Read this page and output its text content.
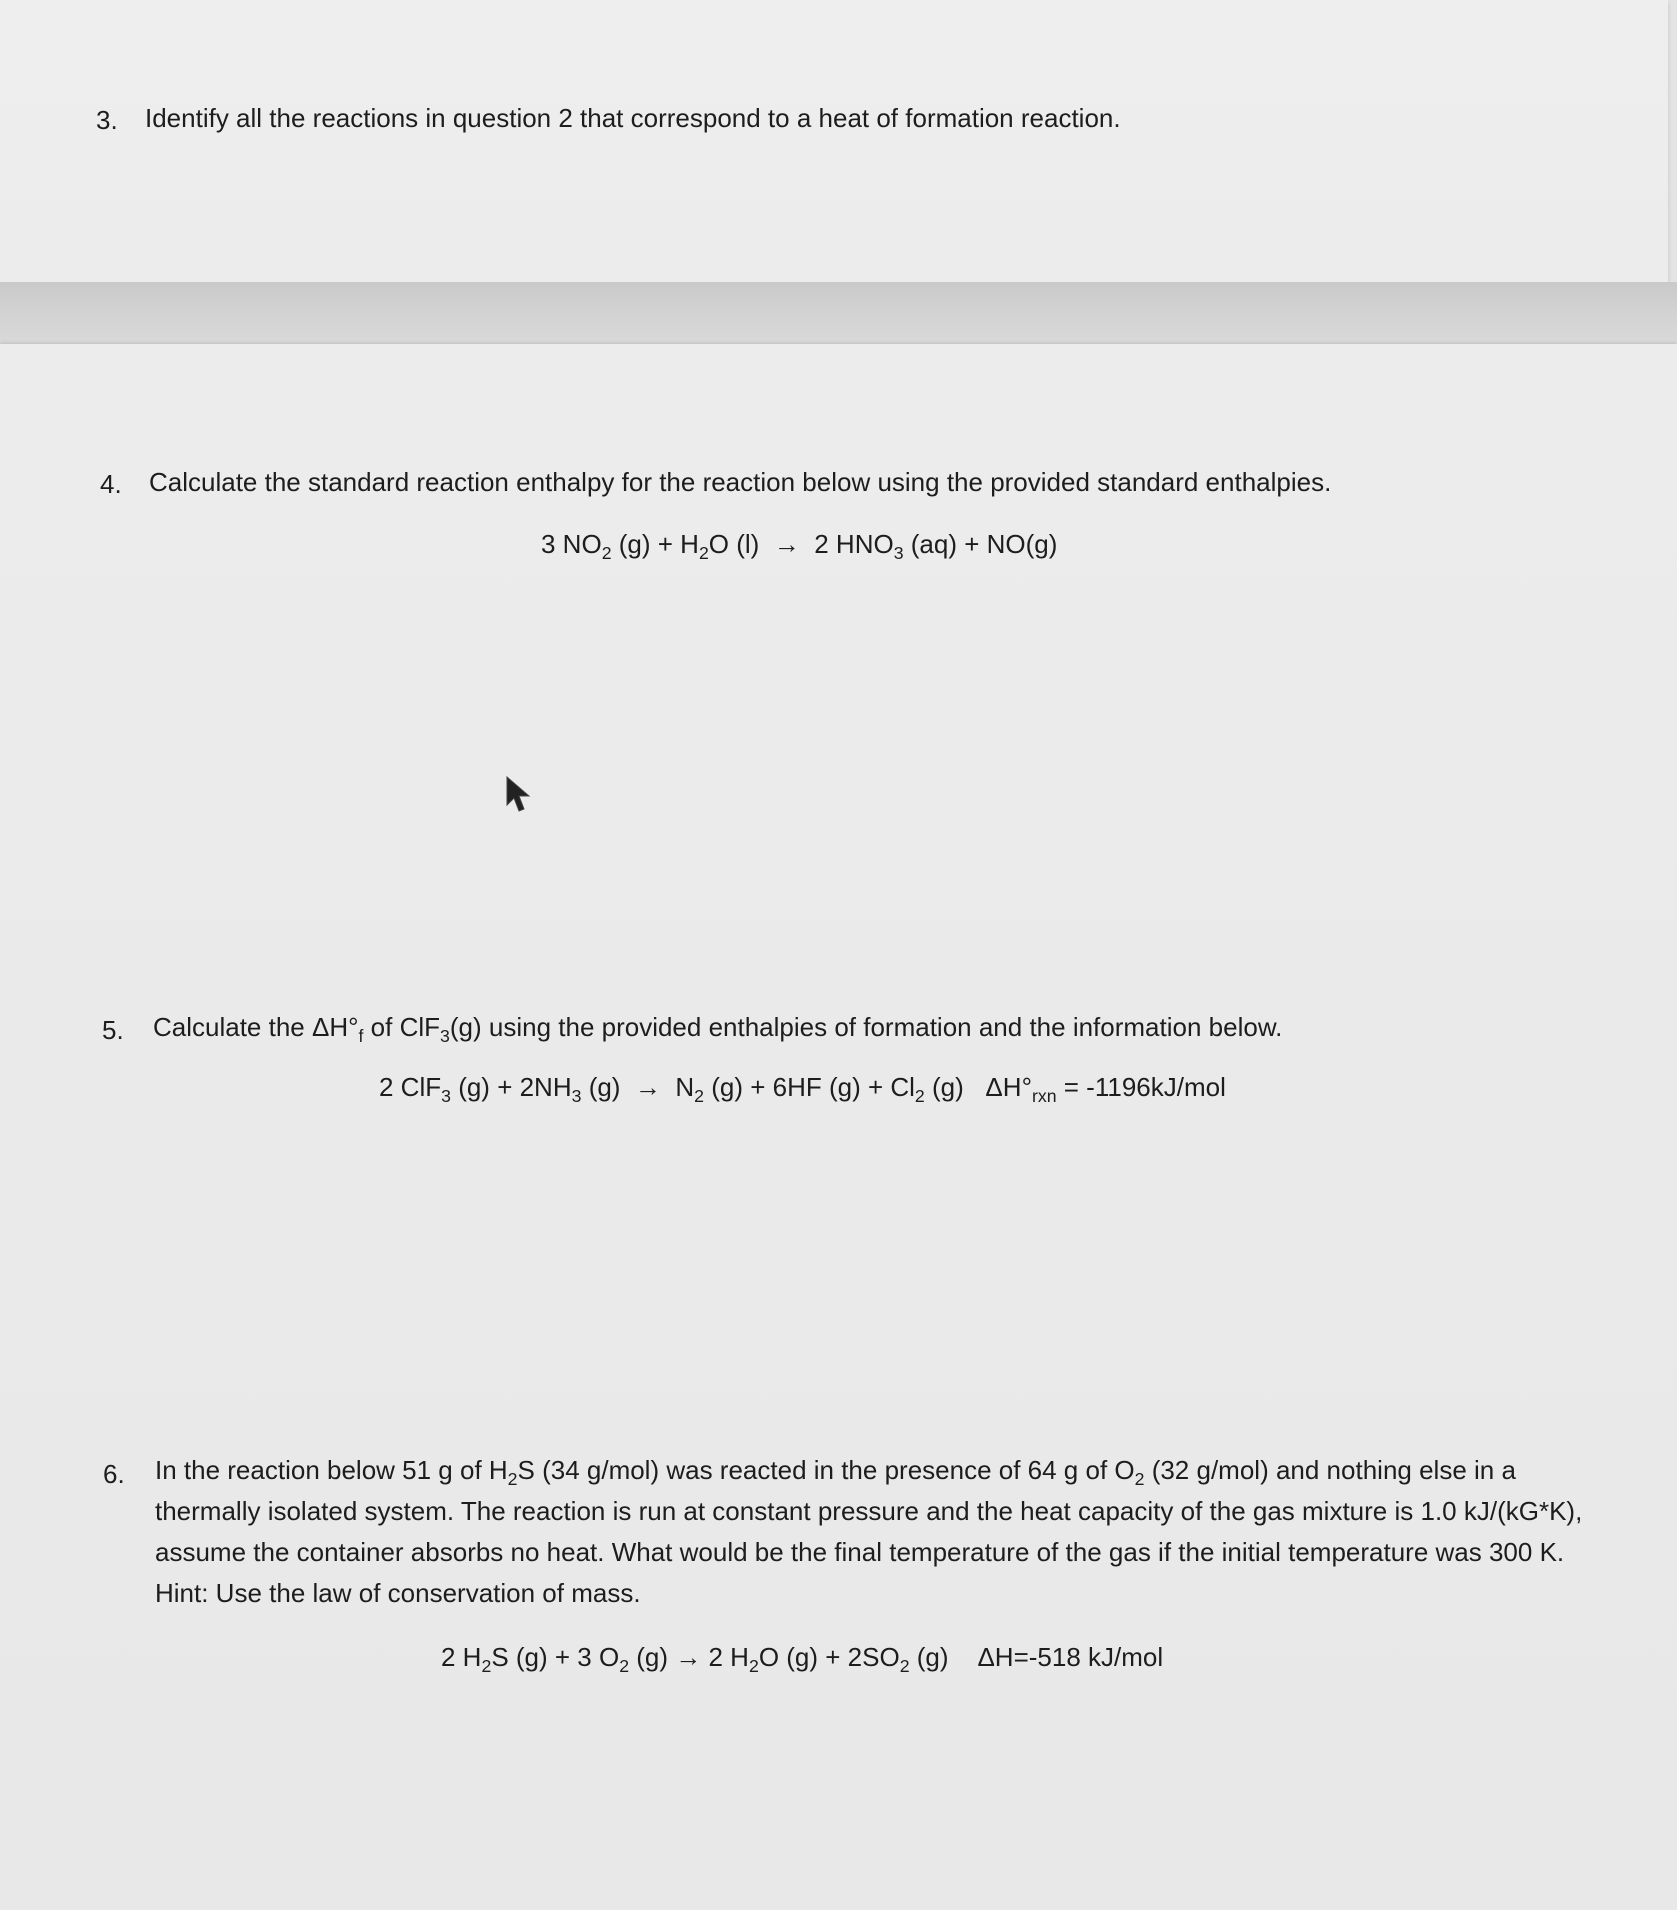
3. Identify all the reactions in question 2 that correspond to a heat of formation reaction.
4. Calculate the standard reaction enthalpy for the reaction below using the provided standard enthalpies.
3 $NO_2$ $(g) + H_2O$ (l)  →  2 $HNO_3$ (aq) + NO(g)
5. Calculate the $\Delta H^\circ_f$ of ClF$_3$(g) using the provided enthalpies of formation and the information below.
2 ClF$_3$ $(g) + 2NH_3$ $(g) \to N_2$ (g) + 6HF $(g) + Cl_2$ (g)   $\Delta H^\circ_{rxn} = -1196kJ/mol$
6. In the reaction below 51 g of $H_2S$ (34 g/mol) was reacted in the presence of 64 g of $O_2$ (32 g/mol) and nothing else in a thermally isolated system. The reaction is run at constant pressure and the heat capacity of the gas mixture is 1.0 kJ/(kG*K), assume the container absorbs no heat. What would be the final temperature of the gas if the initial temperature was 300 K. Hint: Use the law of conservation of mass.
2 $H_2S$ (g) + 3 $O_2$ (g) → 2 $H_2O$ $(g) + 2SO_2$ (g)    ΔH=-518 kJ/mol
